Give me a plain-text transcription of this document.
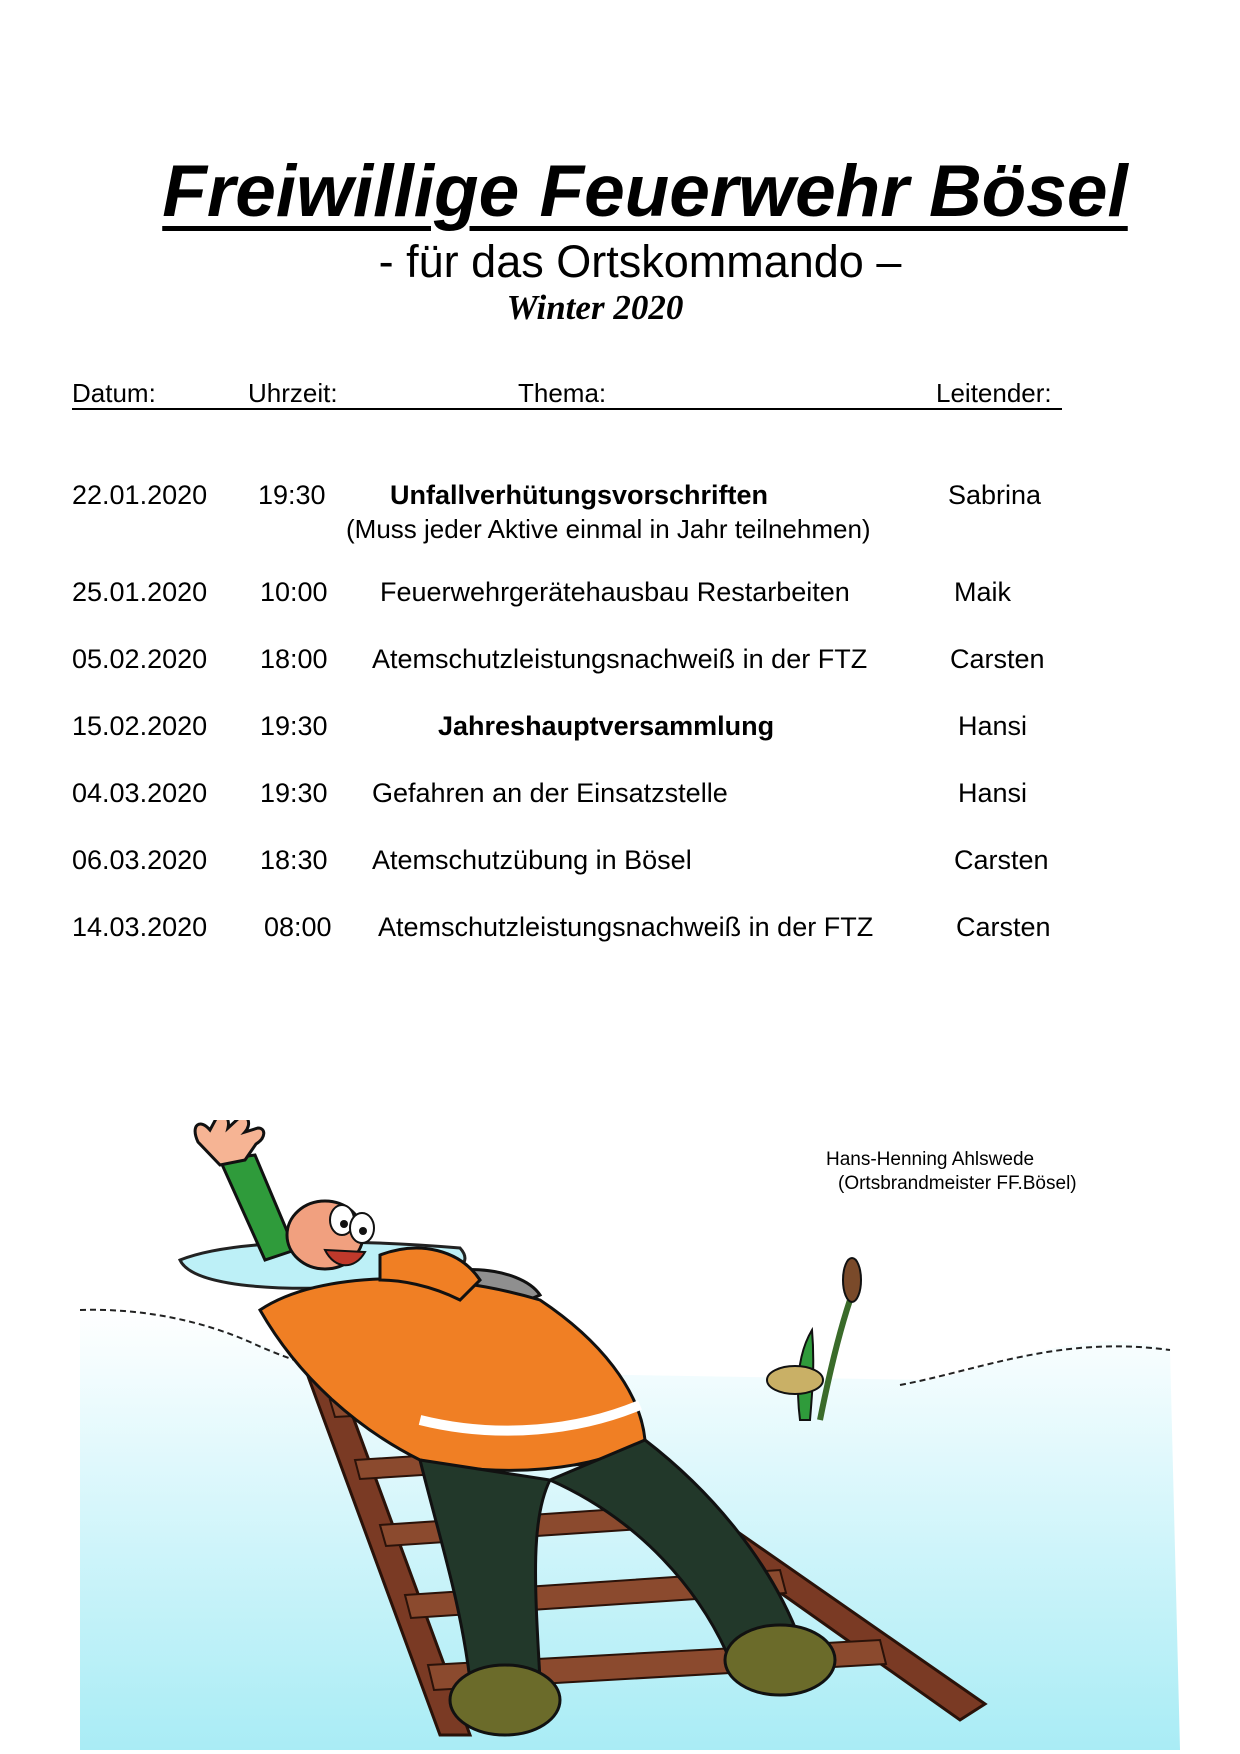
Freiwillige Feuerwehr Bösel
- für das Ortskommando –
Winter 2020
Datum:	Uhrzeit:	Thema:	Leitender:
22.01.2020 19:30 Unfallverhütungsvorschriften	Sabrina
(Muss jeder Aktive einmal in Jahr teilnehmen)
25.01.2020 10:00 Feuerwehrgerätehausbau Restarbeiten	Maik
05.02.2020 18:00 Atemschutzleistungsnachweiß in der FTZ	Carsten
15.02.2020 19:30	Jahreshauptversammlung	Hansi
04.03.2020 19:30 Gefahren an der Einsatzstelle	Hansi
06.03.2020 18:30 Atemschutzübung in Bösel	Carsten
14.03.2020 08:00 Atemschutzleistungsnachweiß in der FTZ	Carsten
Hans-Henning Ahlswede
(Ortsbrandmeister FF.Bösel)
